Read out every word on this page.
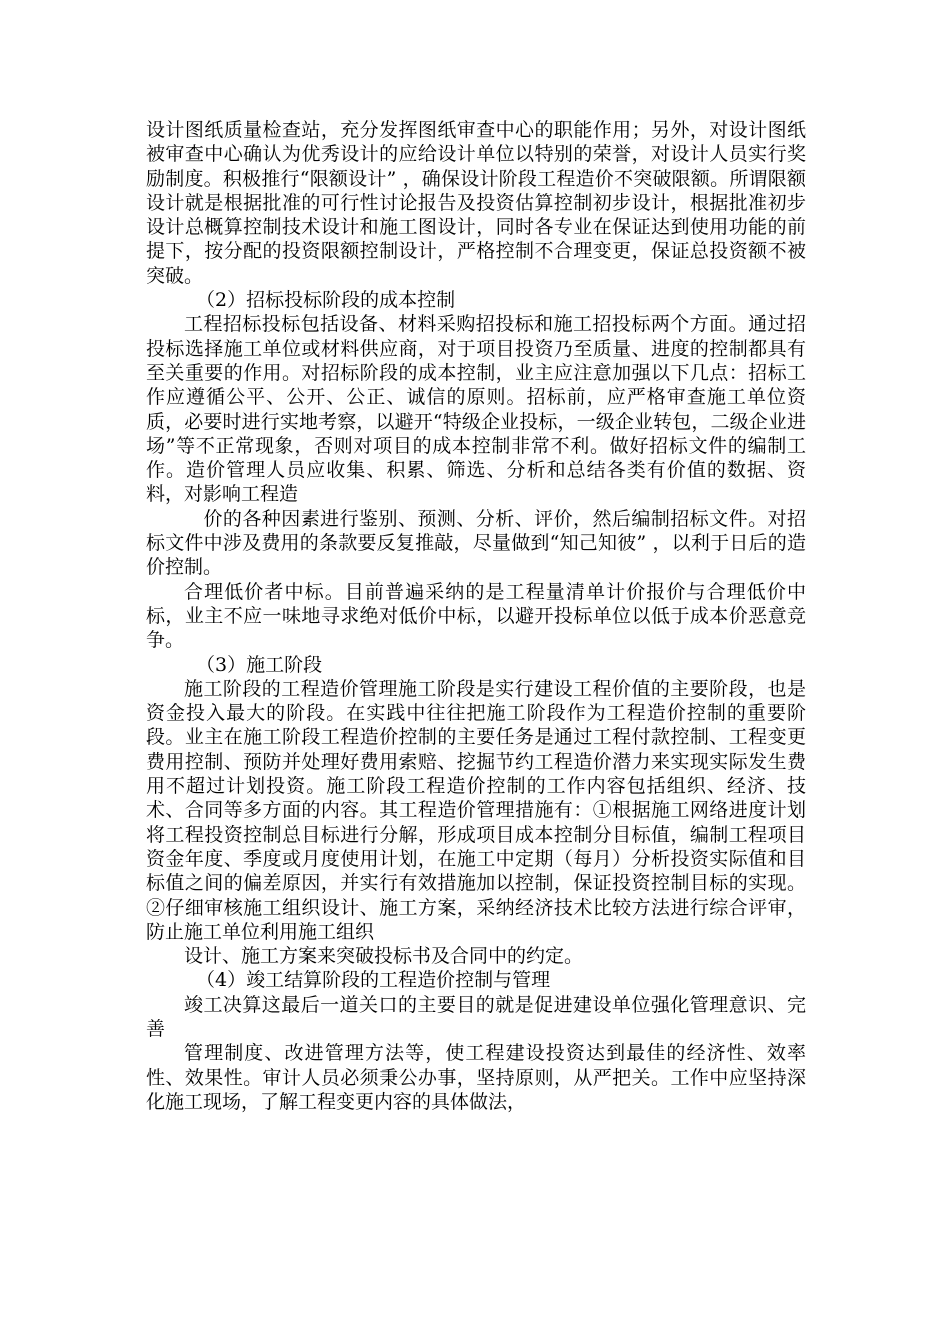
设计图纸质量检查站，充分发挥图纸审查中心的职能作用；另外，对设计图纸被审查中心确认为优秀设计的应给设计单位以特别的荣誉，对设计人员实行奖励制度。积极推行“限额设计” ，确保设计阶段工程造价不突破限额。所谓限额设计就是根据批准的可行性讨论报告及投资估算控制初步设计，根据批准初步设计总概算控制技术设计和施工图设计，同时各专业在保证达到使用功能的前提下，按分配的投资限额控制设计，严格控制不合理变更，保证总投资额不被突破。

（2）招标投标阶段的成本控制

工程招标投标包括设备、材料采购招投标和施工招投标两个方面。通过招投标选择施工单位或材料供应商，对于项目投资乃至质量、进度的控制都具有至关重要的作用。对招标阶段的成本控制，业主应注意加强以下几点：招标工作应遵循公平、公开、公正、诚信的原则。招标前，应严格审查施工单位资质，必要时进行实地考察，以避开“特级企业投标，一级企业转包，二级企业进场”等不正常现象，否则对项目的成本控制非常不利。做好招标文件的编制工作。造价管理人员应收集、积累、筛选、分析和总结各类有价值的数据、资料，对影响工程造

　价的各种因素进行鉴别、预测、分析、评价，然后编制招标文件。对招标文件中涉及费用的条款要反复推敲，尽量做到“知己知彼” ，以利于日后的造价控制。

合理低价者中标。目前普遍采纳的是工程量清单计价报价与合理低价中标，业主不应一味地寻求绝对低价中标，以避开投标单位以低于成本价恶意竞争。

（3）施工阶段

施工阶段的工程造价管理施工阶段是实行建设工程价值的主要阶段，也是资金投入最大的阶段。在实践中往往把施工阶段作为工程造价控制的重要阶段。业主在施工阶段工程造价控制的主要任务是通过工程付款控制、工程变更费用控制、预防并处理好费用索赔、挖掘节约工程造价潜力来实现实际发生费用不超过计划投资。施工阶段工程造价控制的工作内容包括组织、经济、技术、合同等多方面的内容。其工程造价管理措施有：①根据施工网络进度计划将工程投资控制总目标进行分解，形成项目成本控制分目标值，编制工程项目资金年度、季度或月度使用计划，在施工中定期（每月）分析投资实际值和目标值之间的偏差原因，并实行有效措施加以控制，保证投资控制目标的实现。②仔细审核施工组织设计、施工方案，采纳经济技术比较方法进行综合评审，防止施工单位利用施工组织

设计、施工方案来突破投标书及合同中的约定。

（4）竣工结算阶段的工程造价控制与管理

竣工决算这最后一道关口的主要目的就是促进建设单位强化管理意识、完善

管理制度、改进管理方法等，使工程建设投资达到最佳的经济性、效率性、效果性。审计人员必须秉公办事，坚持原则，从严把关。工作中应坚持深化施工现场，了解工程变更内容的具体做法，
